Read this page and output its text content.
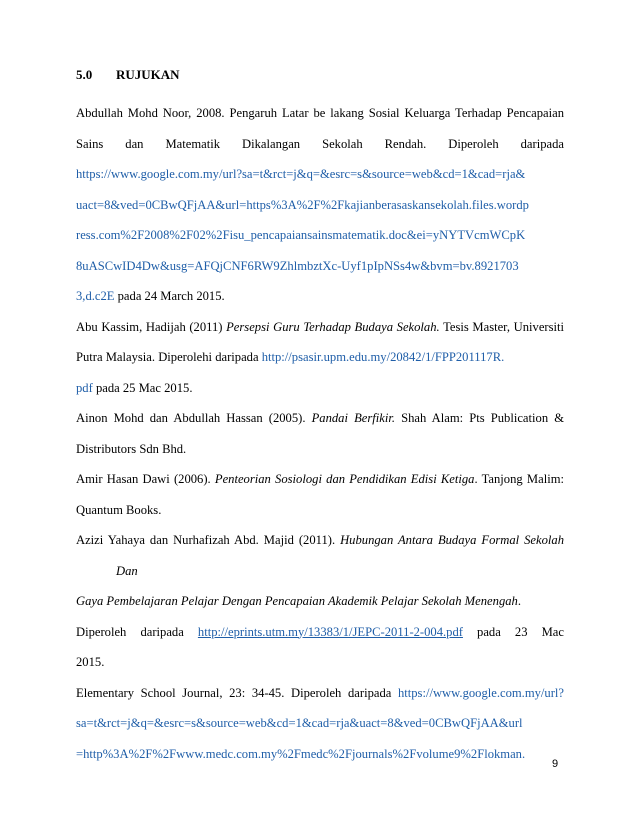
5.0 RUJUKAN
Abdullah Mohd Noor, 2008. Pengaruh Latar be lakang Sosial Keluarga Terhadap Pencapaian
Sains dan Matematik Dikalangan Sekolah Rendah. Diperoleh daripada
https://www.google.com.my/url?sa=t&rct=j&q=&esrc=s&source=web&cd=1&cad=rja&
uact=8&ved=0CBwQFjAA&url=https%3A%2F%2Fkajianberasaskansekolah.files.wordp
ress.com%2F2008%2F02%2Fisu_pencapaiansainsmatematik.doc&ei=yNYTVcmWCpK
8uASCwID4Dw&usg=AFQjCNF6RW9ZhlmbztXc-Uyf1pIpNSs4w&bvm=bv.8921703
3,d.c2E pada 24 March 2015.
Abu Kassim, Hadijah (2011) Persepsi Guru Terhadap Budaya Sekolah. Tesis Master, Universiti
Putra Malaysia. Diperolehi daripada http://psasir.upm.edu.my/20842/1/FPP201117R.
pdf pada 25 Mac 2015.
Ainon Mohd dan Abdullah Hassan (2005). Pandai Berfikir. Shah Alam: Pts Publication &
Distributors Sdn Bhd.
Amir Hasan Dawi (2006). Penteorian Sosiologi dan Pendidikan Edisi Ketiga. Tanjong Malim:
Quantum Books.
Azizi Yahaya dan Nurhafizah Abd. Majid (2011). Hubungan Antara Budaya Formal Sekolah Dan
Gaya Pembelajaran Pelajar Dengan Pencapaian Akademik Pelajar Sekolah Menengah.
Diperoleh daripada http://eprints.utm.my/13383/1/JEPC-2011-2-004.pdf pada 23 Mac
2015.
Elementary School Journal, 23: 34-45. Diperoleh daripada https://www.google.com.my/url?
sa=t&rct=j&q=&esrc=s&source=web&cd=1&cad=rja&uact=8&ved=0CBwQFjAA&url
=http%3A%2F%2Fwww.medc.com.my%2Fmedc%2Fjournals%2Fvolume9%2Flokman.
9
